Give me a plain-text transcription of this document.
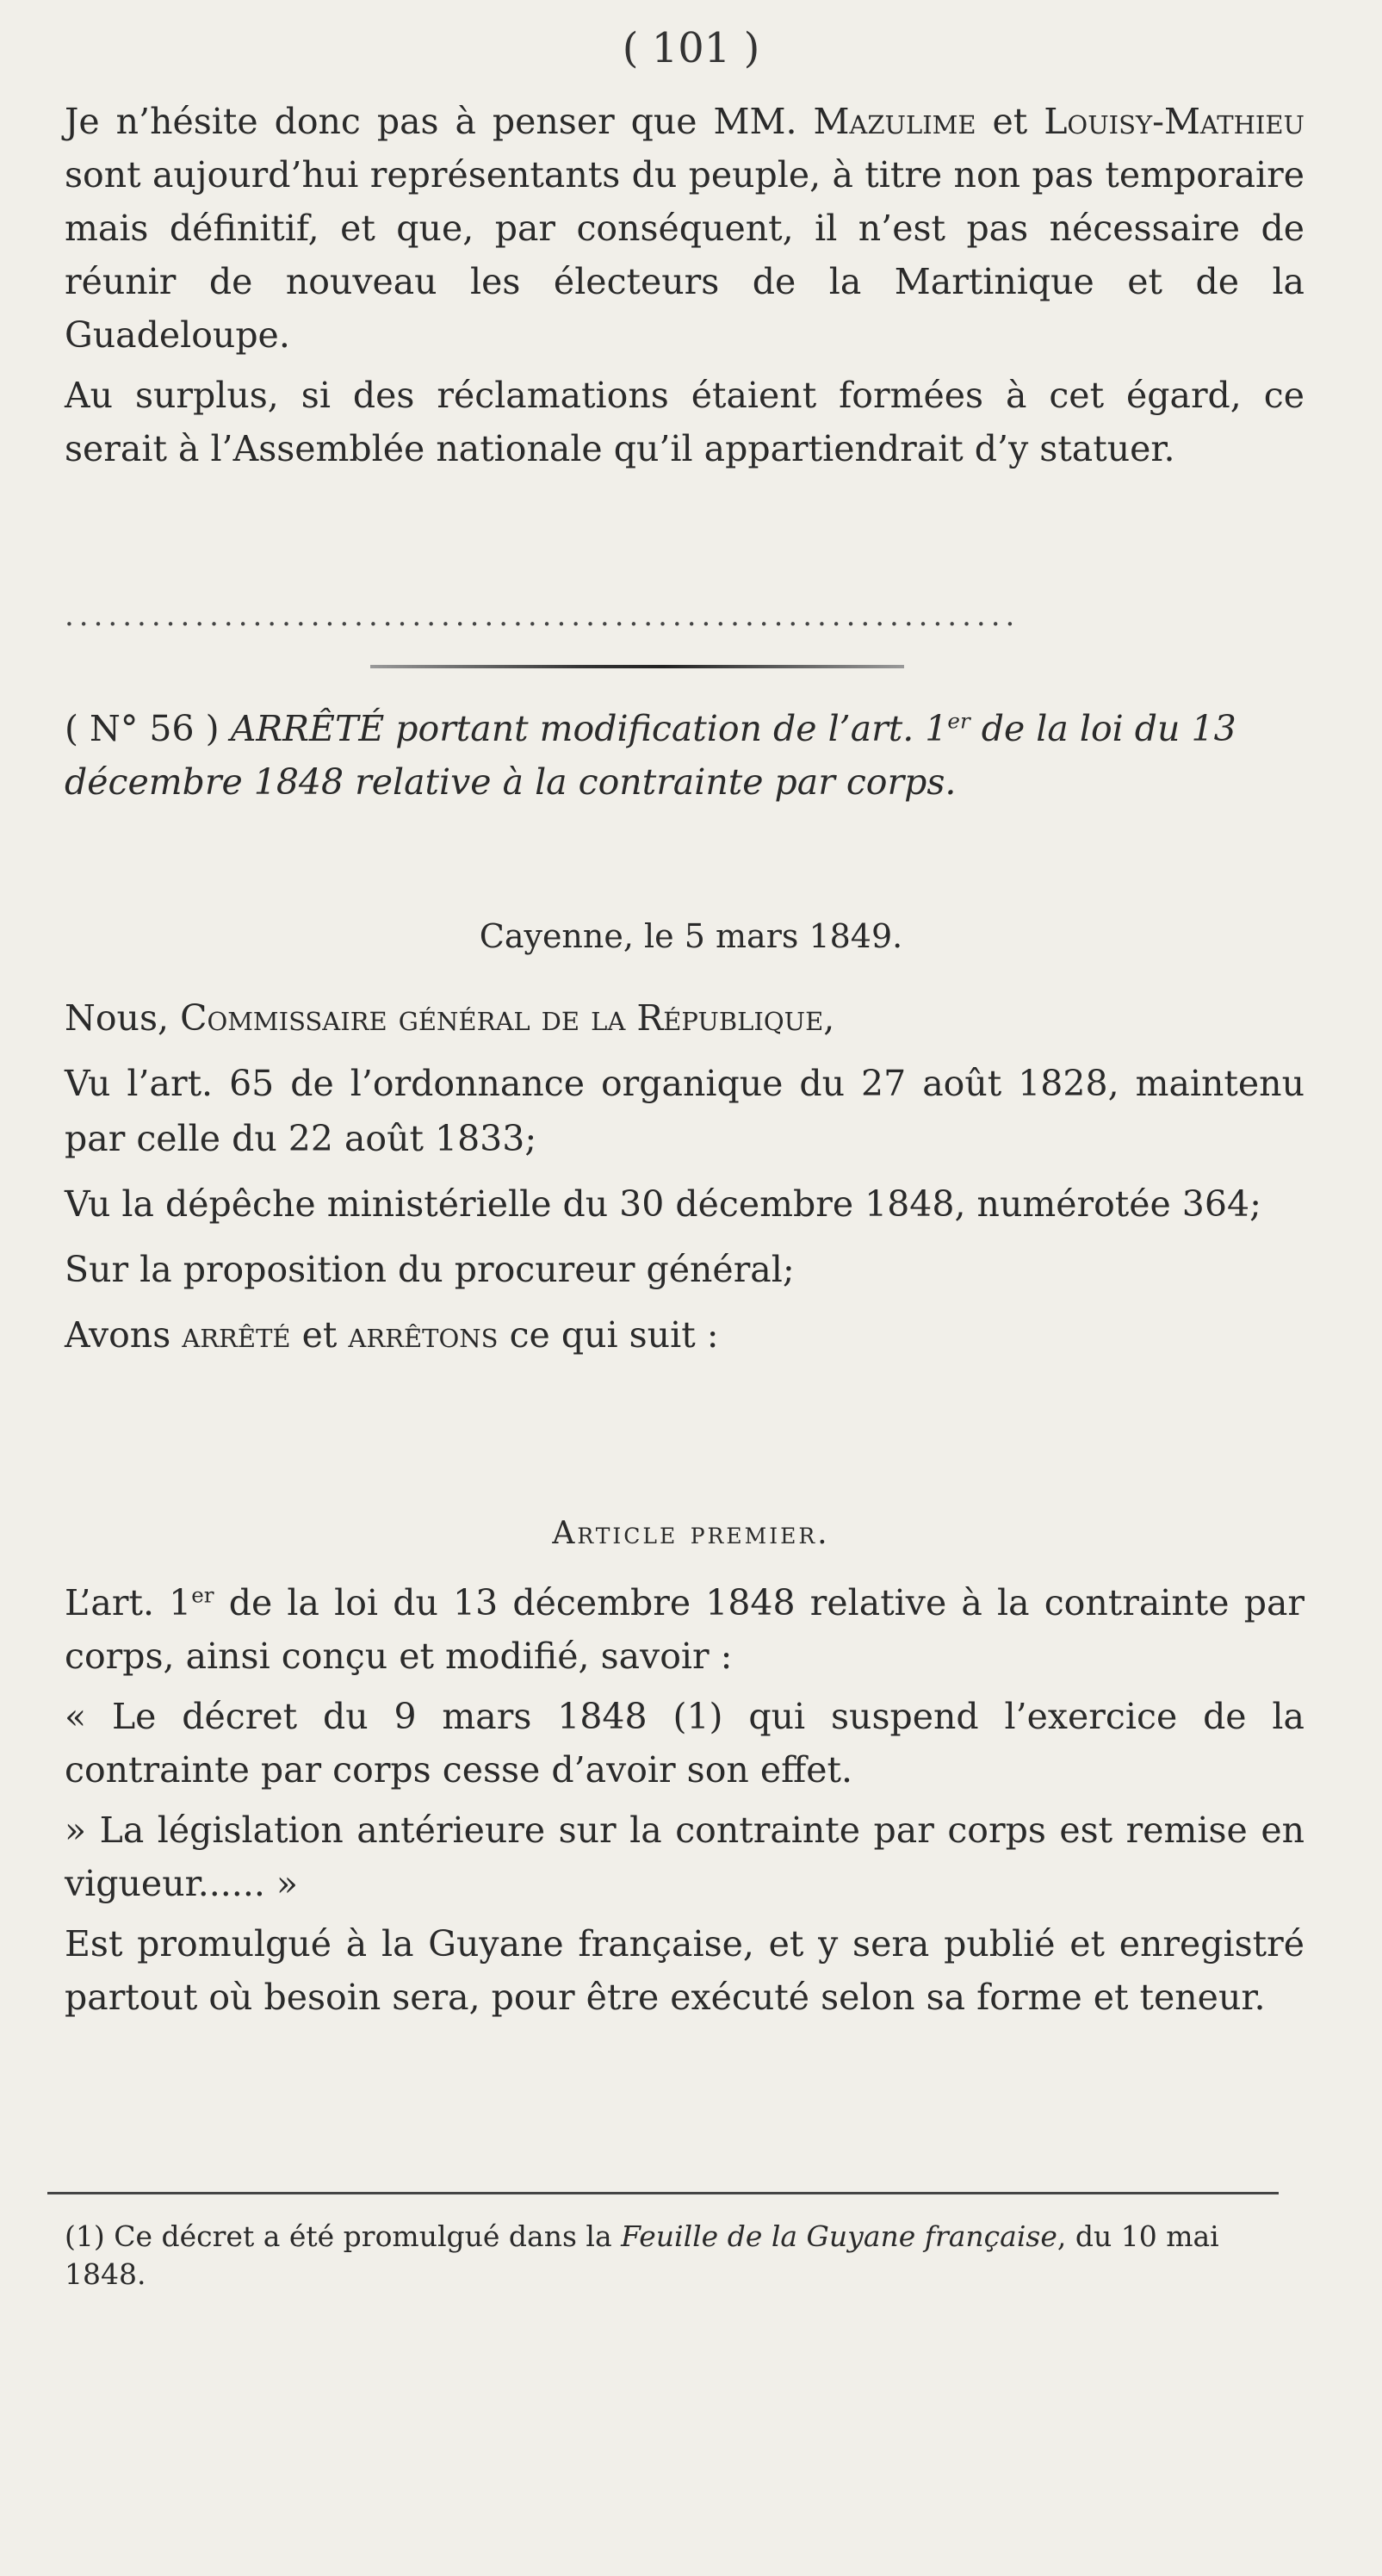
( 101 )

Je n’hésite donc pas à penser que MM. Mazulime et Louisy-Mathieu sont aujourd’hui représentants du peuple, à titre non pas temporaire mais définitif, et que, par conséquent, il n’est pas nécessaire de réunir de nouveau les électeurs de la Martinique et de la Guadeloupe.

Au surplus, si des réclamations étaient formées à cet égard, ce serait à l’Assemblée nationale qu’il appartiendrait d’y statuer.

..................................................................
( N° 56 ) ARRÊTÉ portant modification de l’art. 1er de la loi du 13 décembre 1848 relative à la contrainte par corps.
Cayenne, le 5 mars 1849.

Nous, Commissaire général de la République,

Vu l’art. 65 de l’ordonnance organique du 27 août 1828, maintenu par celle du 22 août 1833;

Vu la dépêche ministérielle du 30 décembre 1848, numérotée 364;

Sur la proposition du procureur général;

Avons arrêté et arrêtons ce qui suit :

Article premier.

L’art. 1er de la loi du 13 décembre 1848 relative à la contrainte par corps, ainsi conçu et modifié, savoir :

« Le décret du 9 mars 1848 (1) qui suspend l’exercice de la contrainte par corps cesse d’avoir son effet.

» La législation antérieure sur la contrainte par corps est remise en vigueur...... »

Est promulgué à la Guyane française, et y sera publié et enregistré partout où besoin sera, pour être exécuté selon sa forme et teneur.

(1) Ce décret a été promulgué dans la Feuille de la Guyane française, du 10 mai 1848.
